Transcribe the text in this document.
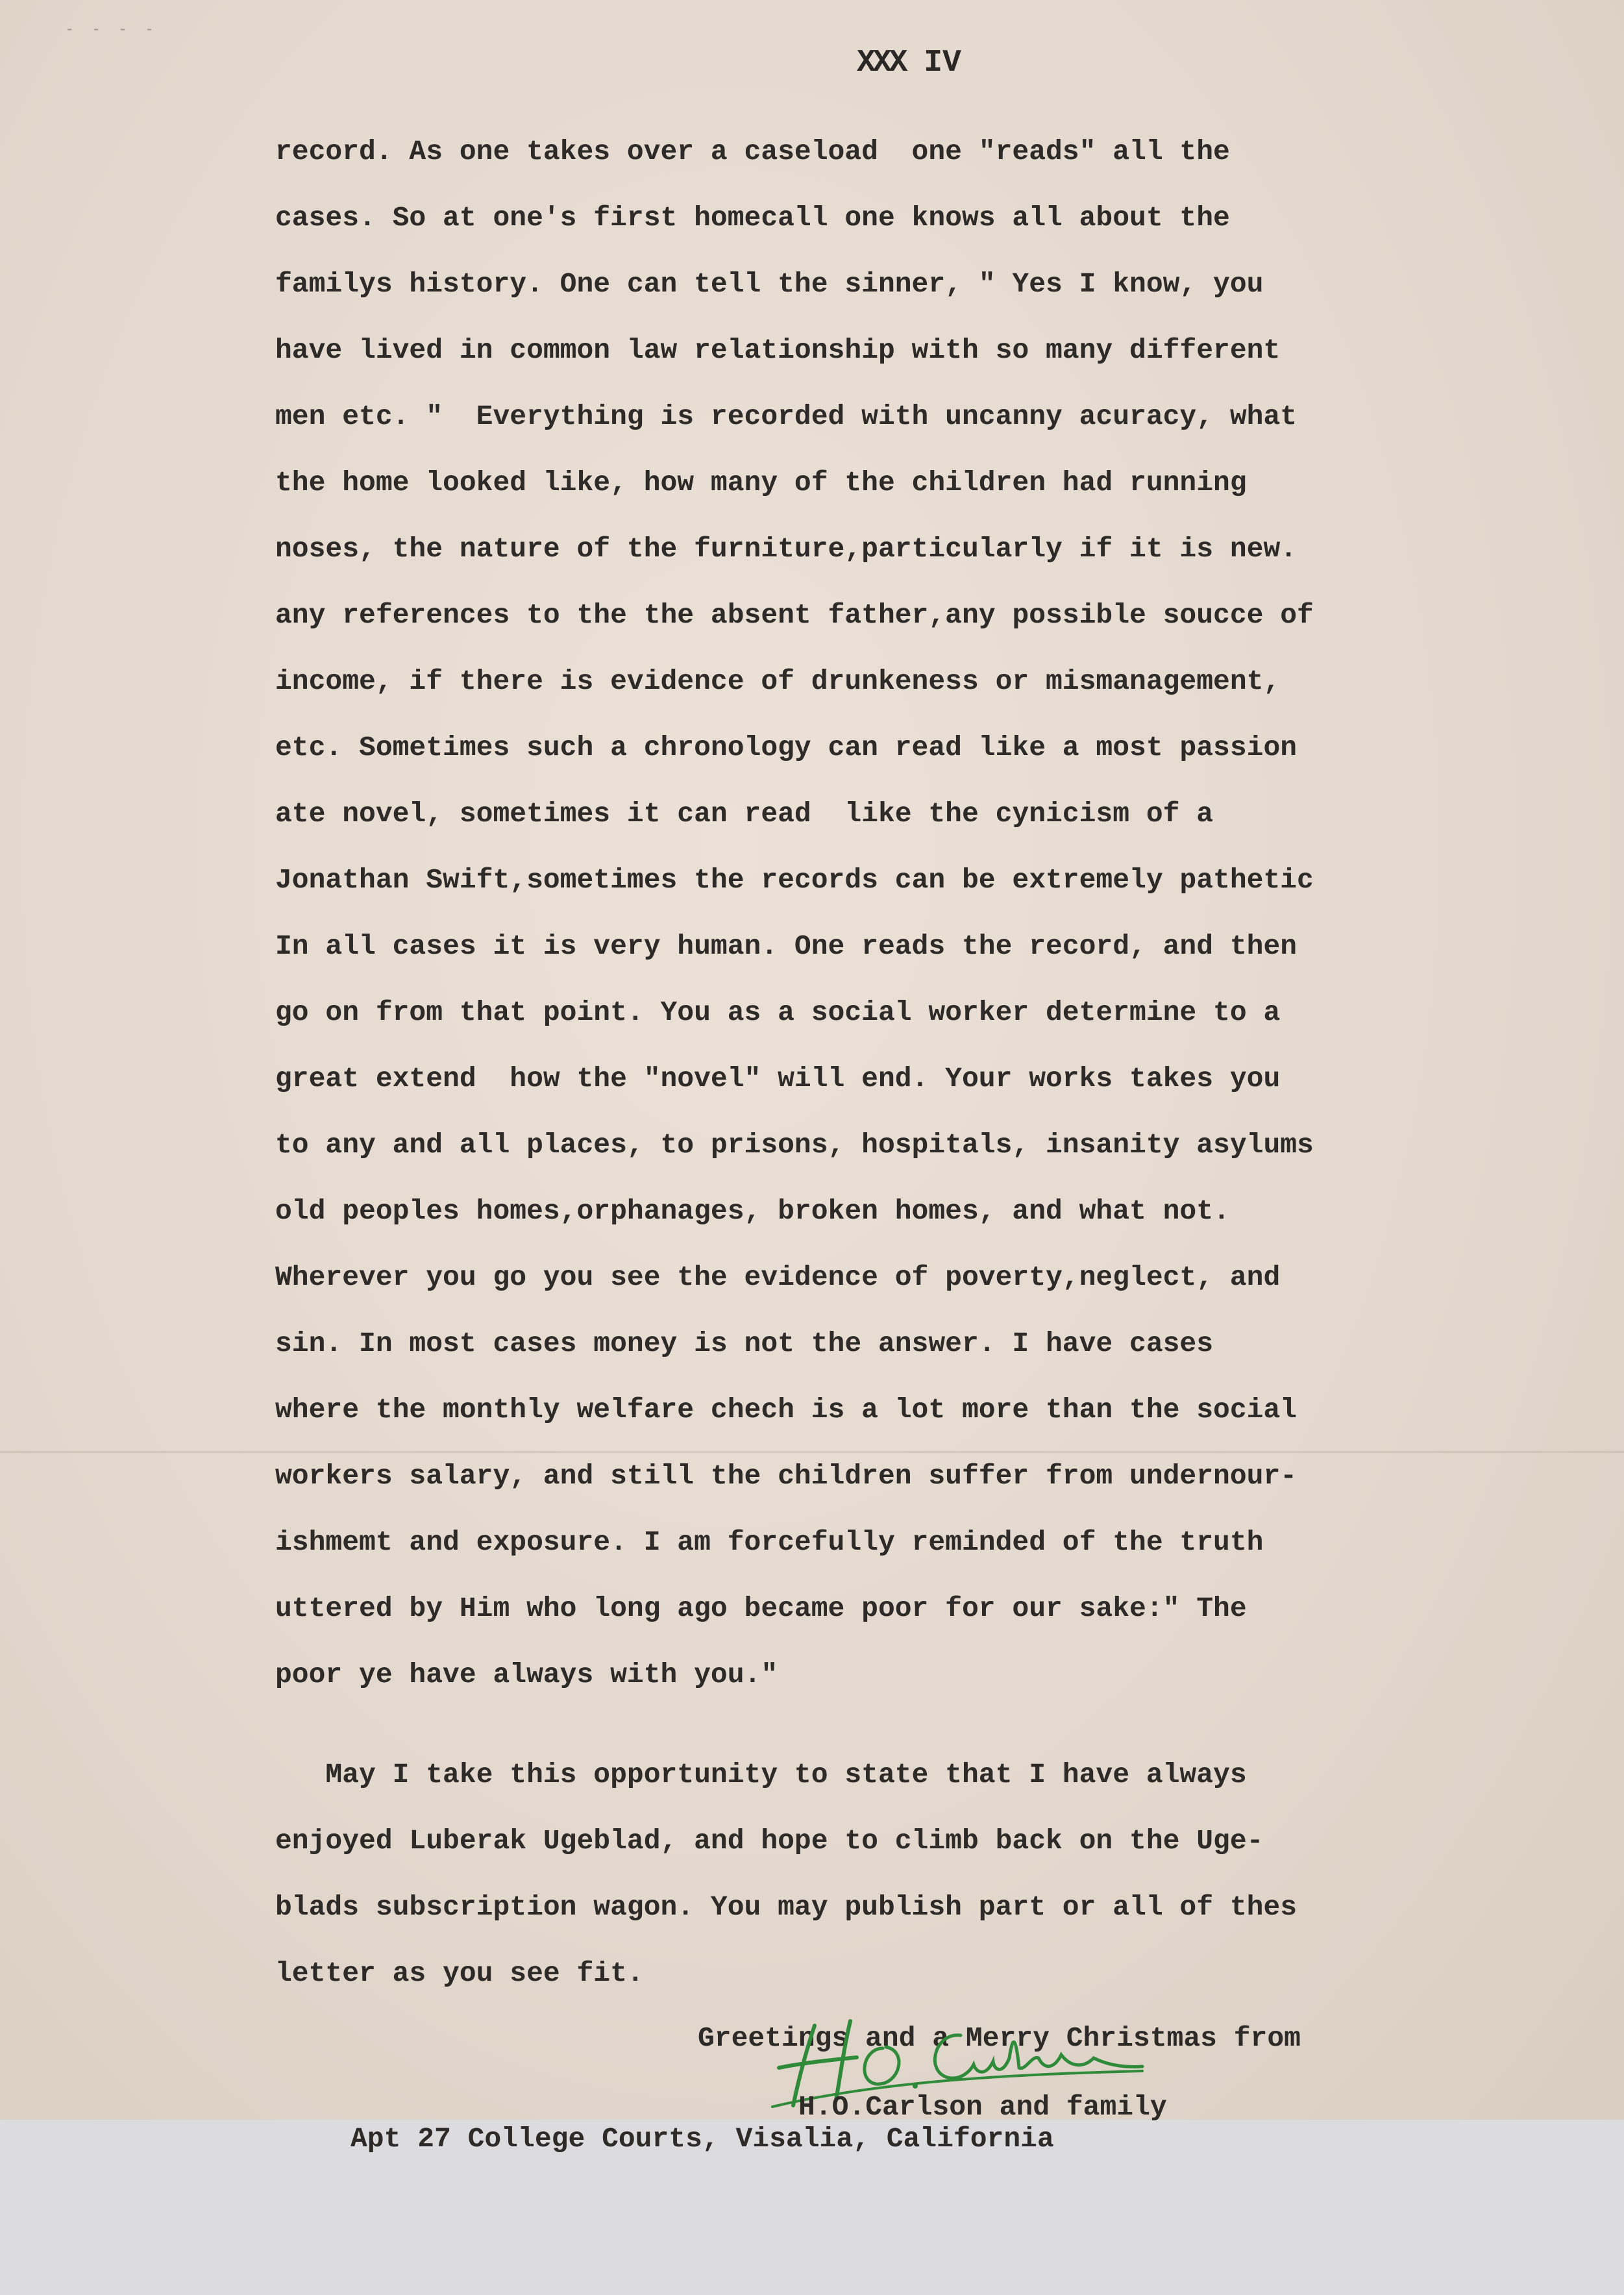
- - - -
XXX IV

record. As one takes over a caseload  one "reads" all the

cases. So at one's first homecall one knows all about the

familys history. One can tell the sinner, " Yes I know, you

have lived in common law relationship with so many different

men etc. "  Everything is recorded with uncanny acuracy, what

the home looked like, how many of the children had running

noses, the nature of the furniture,particularly if it is new.

any references to the the absent father,any possible soucce of

income, if there is evidence of drunkeness or mismanagement,

etc. Sometimes such a chronology can read like a most passion

ate novel, sometimes it can read  like the cynicism of a

Jonathan Swift,sometimes the records can be extremely pathetic

In all cases it is very human. One reads the record, and then

go on from that point. You as a social worker determine to a

great extend  how the "novel" will end. Your works takes you

to any and all places, to prisons, hospitals, insanity asylums

old peoples homes,orphanages, broken homes, and what not.

Wherever you go you see the evidence of poverty,neglect, and

sin. In most cases money is not the answer. I have cases

where the monthly welfare chech is a lot more than the social

workers salary, and still the children suffer from undernour-

ishmemt and exposure. I am forcefully reminded of the truth

uttered by Him who long ago became poor for our sake:" The

poor ye have always with you."

May I take this opportunity to state that I have always

enjoyed Luberak Ugeblad, and hope to climb back on the Uge-

blads subscription wagon. You may publish part or all of thes

letter as you see fit.

Greetings and a Merry Christmas from

H.O.Carlson and family

Apt 27 College Courts, Visalia, California
